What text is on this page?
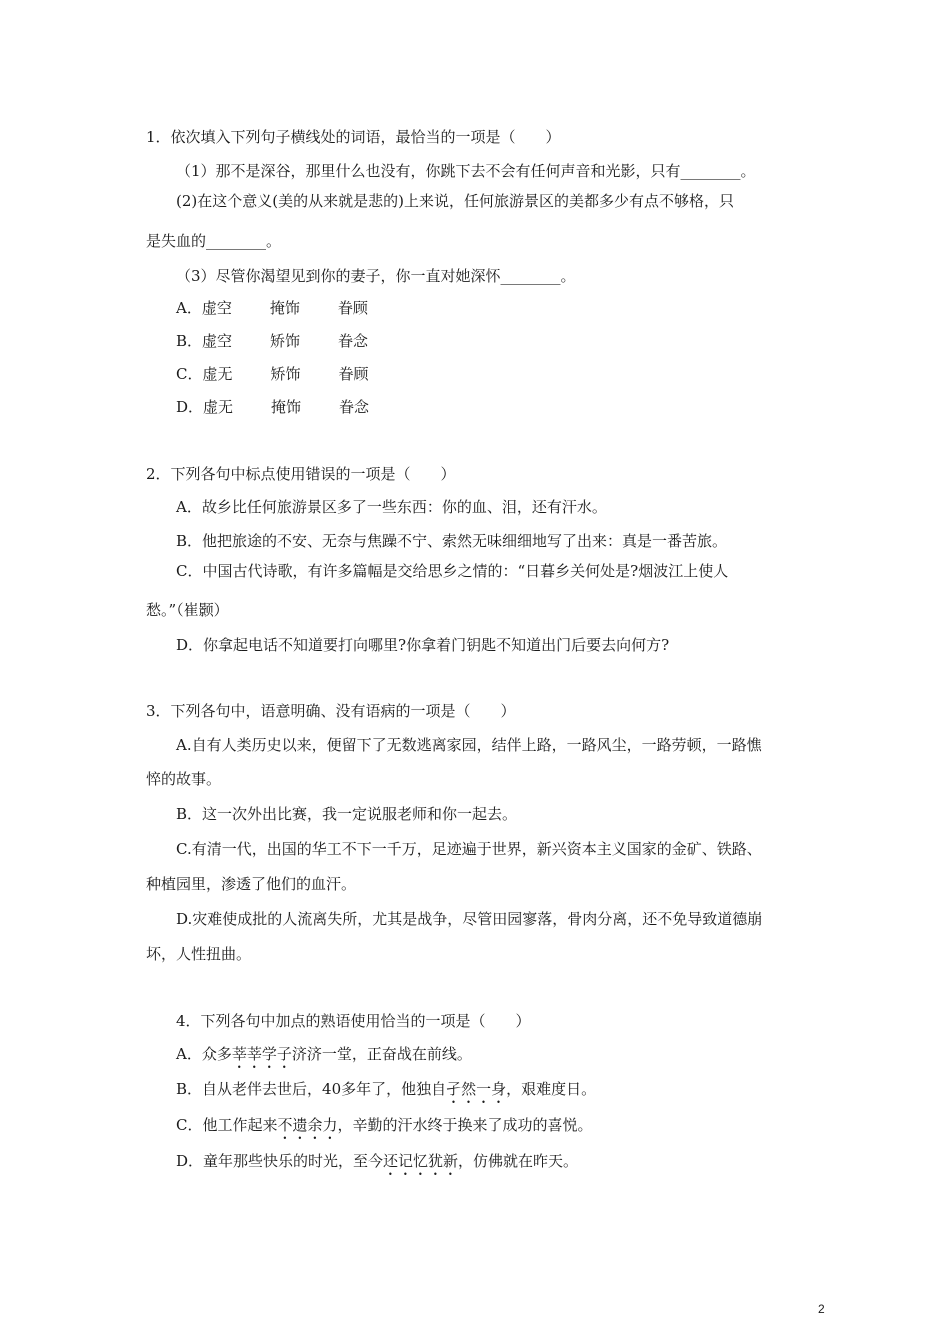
1．依次填入下列句子横线处的词语，最恰当的一项是（　　）
（1）那不是深谷，那里什么也没有，你跳下去不会有任何声音和光影，只有________。
(2)在这个意义(美的从来就是悲的)上来说，任何旅游景区的美都多少有点不够格，只
是失血的________。
（3）尽管你渴望见到你的妻子，你一直对她深怀________。
A．虚空	掩饰	眷顾
B．虚空	矫饰	眷念
C．虚无	矫饰	眷顾
D．虚无	掩饰	眷念
2．下列各句中标点使用错误的一项是（　　）
A．故乡比任何旅游景区多了一些东西：你的血、泪，还有汗水。
B．他把旅途的不安、无奈与焦躁不宁、索然无味细细地写了出来：真是一番苦旅。
C．中国古代诗歌，有许多篇幅是交给思乡之情的：“日暮乡关何处是?烟波江上使人
愁。”（崔颢）
D．你拿起电话不知道要打向哪里?你拿着门钥匙不知道出门后要去向何方?
3．下列各句中，语意明确、没有语病的一项是（　　）
A.自有人类历史以来，便留下了无数逃离家园，结伴上路，一路风尘，一路劳顿，一路憔
悴的故事。
B．这一次外出比赛，我一定说服老师和你一起去。
C.有清一代，出国的华工不下一千万，足迹遍于世界，新兴资本主义国家的金矿、铁路、
种植园里，渗透了他们的血汗。
D.灾难使成批的人流离失所，尤其是战争，尽管田园寥落，骨肉分离，还不免导致道德崩
坏，人性扭曲。
4．下列各句中加点的熟语使用恰当的一项是（　　）
A．众多莘莘学子济济一堂，正奋战在前线。
B．自从老伴去世后，40多年了，他独自孑然一身，艰难度日。
C．他工作起来不遗余力，辛勤的汗水终于换来了成功的喜悦。
D．童年那些快乐的时光，至今还记忆犹新，仿佛就在昨天。
2
